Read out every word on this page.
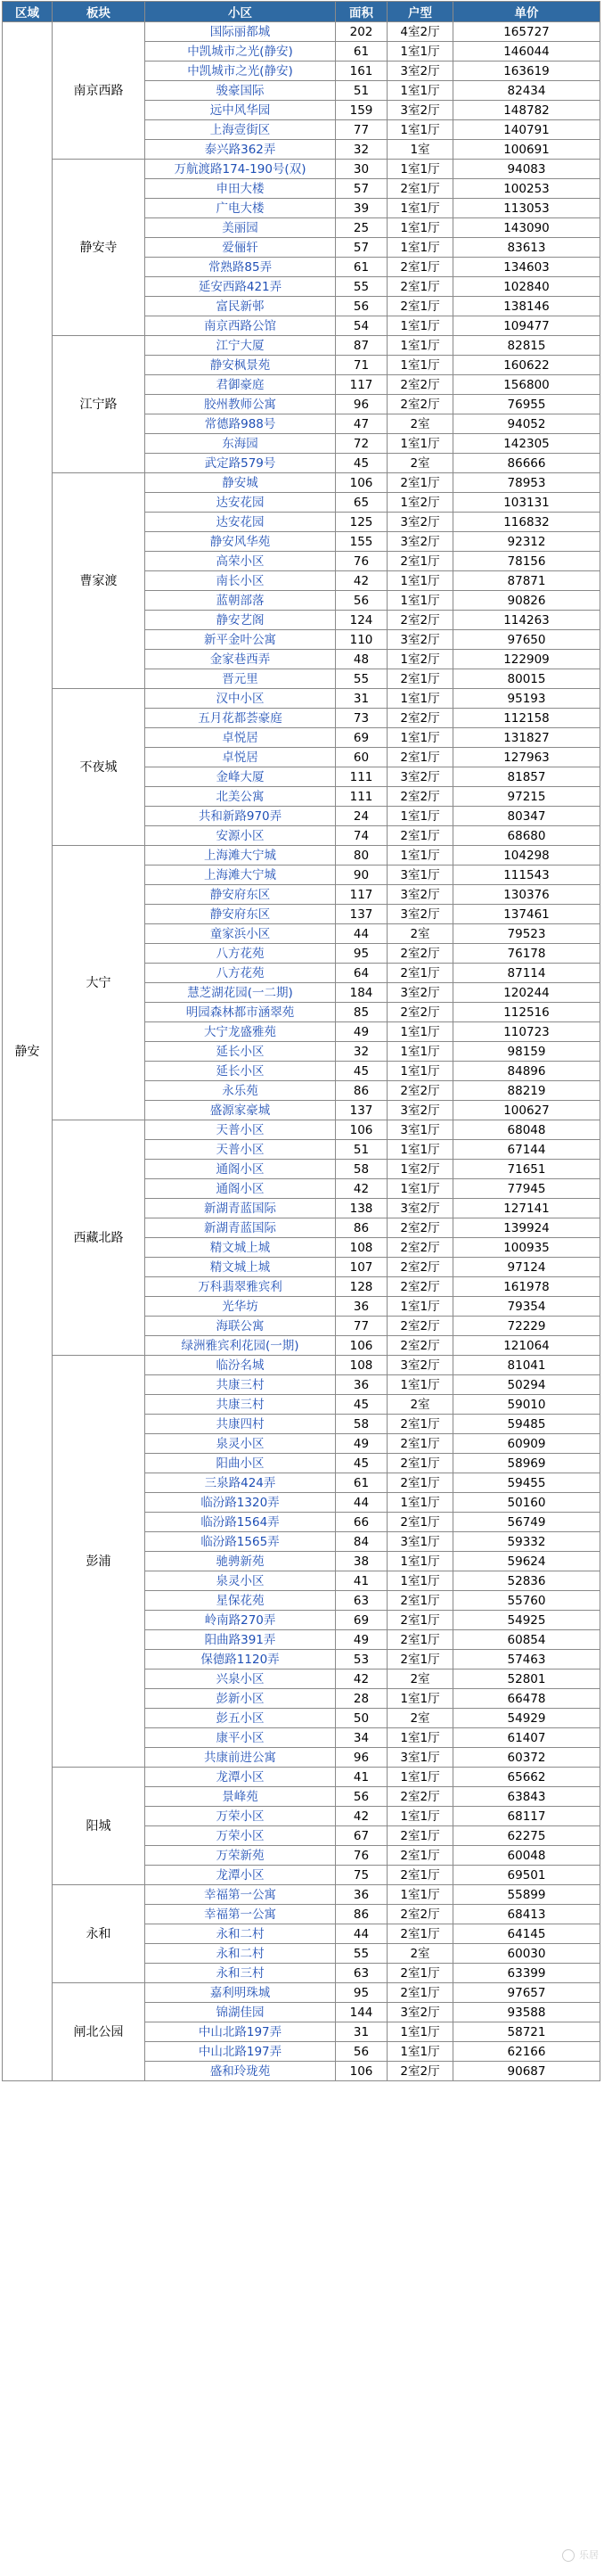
区域	板块	小区	面积	户型	单价
静安	南京西路	国际丽都城	202	4室2厅	165727
		中凯城市之光(静安)	61	1室1厅	146044
		中凯城市之光(静安)	161	3室2厅	163619
		骏豪国际	51	1室1厅	82434
		远中风华园	159	3室2厅	148782
		上海壹街区	77	1室1厅	140791
		泰兴路362弄	32	1室	100691
	静安寺	万航渡路174-190号(双)	30	1室1厅	94083
		申田大楼	57	2室1厅	100253
		广电大楼	39	1室1厅	113053
		美丽园	25	1室1厅	143090
		爱俪轩	57	1室1厅	83613
		常熟路85弄	61	2室1厅	134603
		延安西路421弄	55	2室1厅	102840
		富民新邨	56	2室1厅	138146
		南京西路公馆	54	1室1厅	109477
	江宁路	江宁大厦	87	1室1厅	82815
		静安枫景苑	71	1室1厅	160622
		君御豪庭	117	2室2厅	156800
		胶州教师公寓	96	2室2厅	76955
		常德路988号	47	2室	94052
		东海园	72	1室1厅	142305
		武定路579号	45	2室	86666
	曹家渡	静安城	106	2室1厅	78953
		达安花园	65	1室2厅	103131
		达安花园	125	3室2厅	116832
		静安风华苑	155	3室2厅	92312
		高荣小区	76	2室1厅	78156
		南长小区	42	1室1厅	87871
		蓝朝部落	56	1室1厅	90826
		静安艺阁	124	2室2厅	114263
		新平金叶公寓	110	3室2厅	97650
		金家巷西弄	48	1室2厅	122909
		晋元里	55	2室1厅	80015
	不夜城	汉中小区	31	1室1厅	95193
		五月花都荟豪庭	73	2室2厅	112158
		卓悦居	69	1室1厅	131827
		卓悦居	60	2室1厅	127963
		金峰大厦	111	3室2厅	81857
		北美公寓	111	2室2厅	97215
		共和新路970弄	24	1室1厅	80347
		安源小区	74	2室1厅	68680
	大宁	上海滩大宁城	80	1室1厅	104298
		上海滩大宁城	90	3室1厅	111543
		静安府东区	117	3室2厅	130376
		静安府东区	137	3室2厅	137461
		童家浜小区	44	2室	79523
		八方花苑	95	2室2厅	76178
		八方花苑	64	2室1厅	87114
		慧芝湖花园(一二期)	184	3室2厅	120244
		明园森林都市涵翠苑	85	2室2厅	112516
		大宁龙盛雅苑	49	1室1厅	110723
		延长小区	32	1室1厅	98159
		延长小区	45	1室1厅	84896
		永乐苑	86	2室2厅	88219
		盛源家豪城	137	3室2厅	100627
	西藏北路	天普小区	106	3室1厅	68048
		天普小区	51	1室1厅	67144
		通阁小区	58	1室2厅	71651
		通阁小区	42	1室1厅	77945
		新湖青蓝国际	138	3室2厅	127141
		新湖青蓝国际	86	2室2厅	139924
		精文城上城	108	2室2厅	100935
		精文城上城	107	2室2厅	97124
		万科翡翠雅宾利	128	2室2厅	161978
		光华坊	36	1室1厅	79354
		海联公寓	77	2室2厅	72229
		绿洲雅宾利花园(一期)	106	2室2厅	121064
	彭浦	临汾名城	108	3室2厅	81041
		共康三村	36	1室1厅	50294
		共康三村	45	2室	59010
		共康四村	58	2室1厅	59485
		泉灵小区	49	2室1厅	60909
		阳曲小区	45	2室1厅	58969
		三泉路424弄	61	2室1厅	59455
		临汾路1320弄	44	1室1厅	50160
		临汾路1564弄	66	2室1厅	56749
		临汾路1565弄	84	3室1厅	59332
		驰骋新苑	38	1室1厅	59624
		泉灵小区	41	1室1厅	52836
		星保花苑	63	2室1厅	55760
		岭南路270弄	69	2室1厅	54925
		阳曲路391弄	49	2室1厅	60854
		保德路1120弄	53	2室1厅	57463
		兴泉小区	42	2室	52801
		彭新小区	28	1室1厅	66478
		彭五小区	50	2室	54929
		康平小区	34	1室1厅	61407
		共康前进公寓	96	3室1厅	60372
	阳城	龙潭小区	41	1室1厅	65662
		景峰苑	56	2室2厅	63843
		万荣小区	42	1室1厅	68117
		万荣小区	67	2室1厅	62275
		万荣新苑	76	2室1厅	60048
		龙潭小区	75	2室1厅	69501
	永和	幸福第一公寓	36	1室1厅	55899
		幸福第一公寓	86	2室2厅	68413
		永和二村	44	2室1厅	64145
		永和二村	55	2室	60030
		永和三村	63	2室1厅	63399
	闸北公园	嘉利明珠城	95	2室1厅	97657
		锦湖佳园	144	3室2厅	93588
		中山北路197弄	31	1室1厅	58721
		中山北路197弄	56	1室1厅	62166
		盛和玲珑苑	106	2室2厅	90687
乐居
